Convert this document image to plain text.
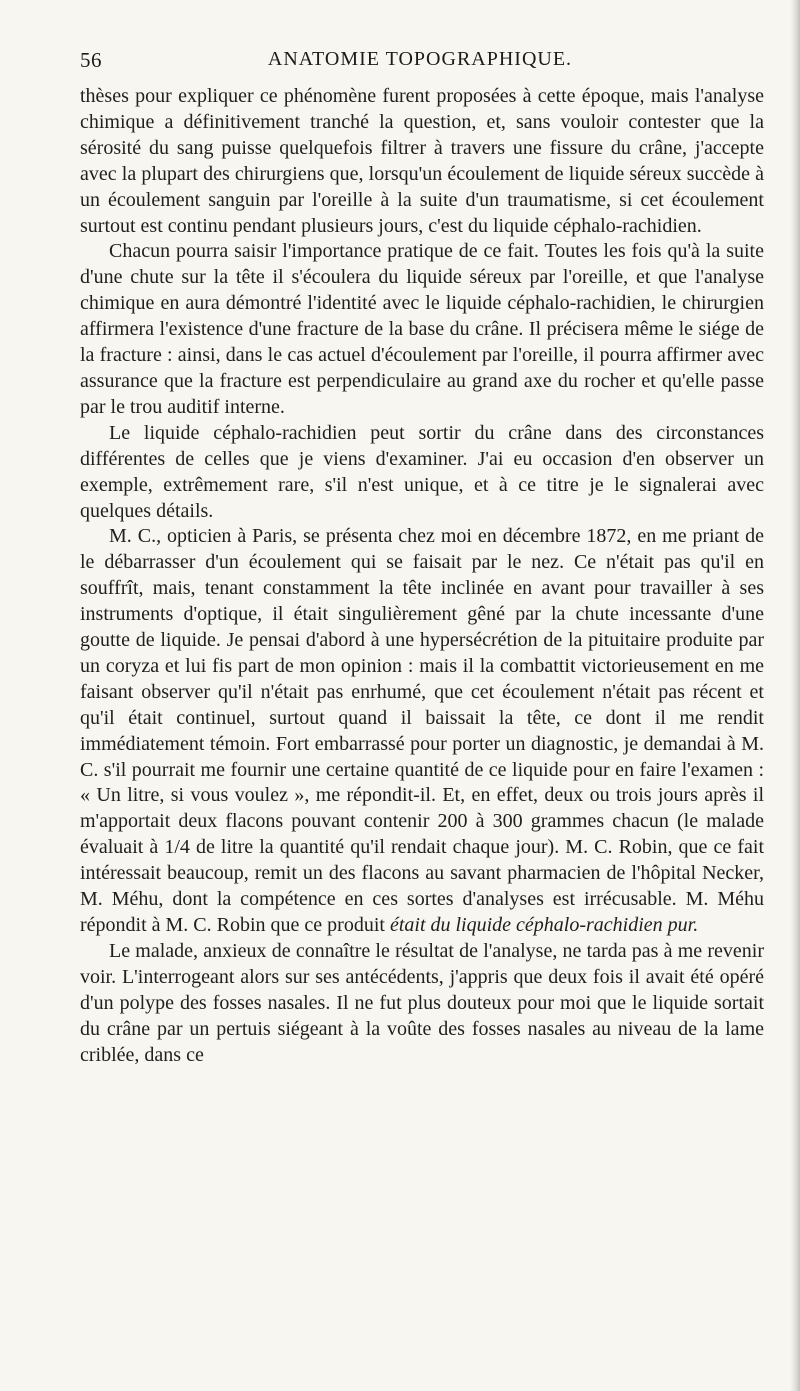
56	ANATOMIE TOPOGRAPHIQUE.

thèses pour expliquer ce phénomène furent proposées à cette époque, mais l'analyse chimique a définitivement tranché la question, et, sans vouloir contester que la sérosité du sang puisse quelquefois filtrer à travers une fissure du crâne, j'accepte avec la plupart des chirurgiens que, lorsqu'un écoulement de liquide séreux succède à un écoulement sanguin par l'oreille à la suite d'un traumatisme, si cet écoulement surtout est continu pendant plusieurs jours, c'est du liquide céphalo-rachidien.

Chacun pourra saisir l'importance pratique de ce fait. Toutes les fois qu'à la suite d'une chute sur la tête il s'écoulera du liquide séreux par l'oreille, et que l'analyse chimique en aura démontré l'identité avec le liquide céphalo-rachidien, le chirurgien affirmera l'existence d'une fracture de la base du crâne. Il précisera même le siége de la fracture : ainsi, dans le cas actuel d'écoulement par l'oreille, il pourra affirmer avec assurance que la fracture est perpendiculaire au grand axe du rocher et qu'elle passe par le trou auditif interne.

Le liquide céphalo-rachidien peut sortir du crâne dans des circonstances différentes de celles que je viens d'examiner. J'ai eu occasion d'en observer un exemple, extrêmement rare, s'il n'est unique, et à ce titre je le signalerai avec quelques détails.

M. C., opticien à Paris, se présenta chez moi en décembre 1872, en me priant de le débarrasser d'un écoulement qui se faisait par le nez. Ce n'était pas qu'il en souffrît, mais, tenant constamment la tête inclinée en avant pour travailler à ses instruments d'optique, il était singulièrement gêné par la chute incessante d'une goutte de liquide. Je pensai d'abord à une hypersécrétion de la pituitaire produite par un coryza et lui fis part de mon opinion : mais il la combattit victorieusement en me faisant observer qu'il n'était pas enrhumé, que cet écoulement n'était pas récent et qu'il était continuel, surtout quand il baissait la tête, ce dont il me rendit immédiatement témoin. Fort embarrassé pour porter un diagnostic, je demandai à M. C. s'il pourrait me fournir une certaine quantité de ce liquide pour en faire l'examen : « Un litre, si vous voulez », me répondit-il. Et, en effet, deux ou trois jours après il m'apportait deux flacons pouvant contenir 200 à 300 grammes chacun (le malade évaluait à 1/4 de litre la quantité qu'il rendait chaque jour). M. C. Robin, que ce fait intéressait beaucoup, remit un des flacons au savant pharmacien de l'hôpital Necker, M. Méhu, dont la compétence en ces sortes d'analyses est irrécusable. M. Méhu répondit à M. C. Robin que ce produit était du liquide céphalo-rachidien pur.

Le malade, anxieux de connaître le résultat de l'analyse, ne tarda pas à me revenir voir. L'interrogeant alors sur ses antécédents, j'appris que deux fois il avait été opéré d'un polype des fosses nasales. Il ne fut plus douteux pour moi que le liquide sortait du crâne par un pertuis siégeant à la voûte des fosses nasales au niveau de la lame criblée, dans ce
